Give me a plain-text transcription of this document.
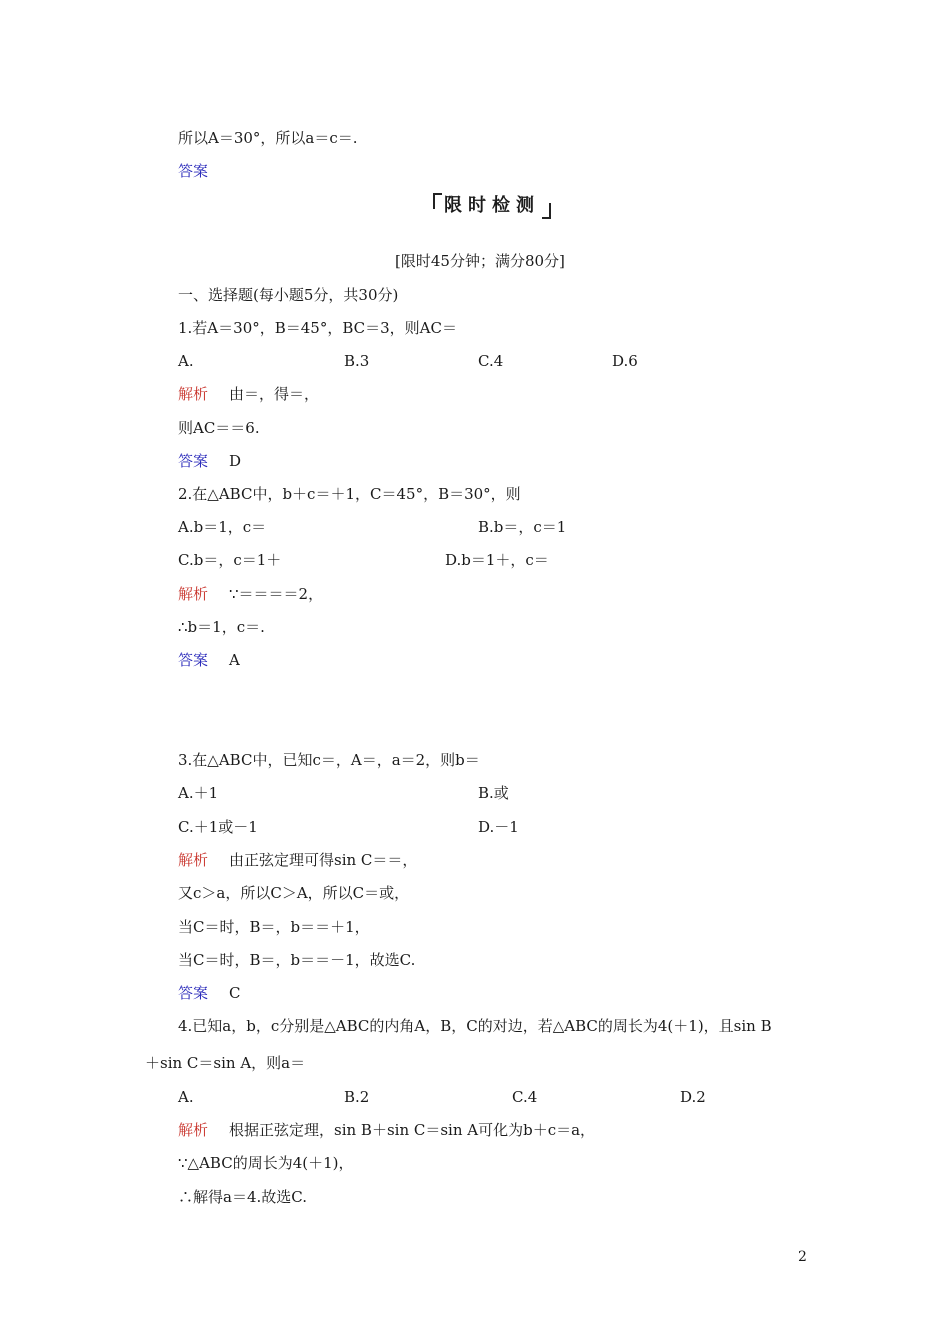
所以A＝30°，所以a＝c＝.
答案
[限时45分钟；满分80分]
一、选择题(每小题5分，共30分)
1.若A＝30°，B＝45°，BC＝3，则AC＝
A.	B.3	C.4	D.6
解析 由＝，得＝，
则AC＝＝6.
答案 D
2.在△ABC中，b＋c＝＋1，C＝45°，B＝30°，则
A.b＝1，c＝	B.b＝，c＝1
C.b＝，c＝1＋	D.b＝1＋，c＝
解析 ∵＝＝＝＝2，
∴b＝1，c＝.
答案 A
3.在△ABC中，已知c＝，A＝，a＝2，则b＝
A.＋1	B.或
C.＋1或－1	D.－1
解析 由正弦定理可得sin C＝＝，
又c＞a，所以C＞A，所以C＝或，
当C＝时，B＝，b＝＝＋1，
当C＝时，B＝，b＝＝－1，故选C.
答案 C
4.已知a，b，c分别是△ABC的内角A，B，C的对边，若△ABC的周长为4(＋1)，且sin B
＋sin C＝sin A，则a＝
A.	B.2	C.4	D.2
解析 根据正弦定理，sin B＋sin C＝sin A可化为b＋c＝a，
∵△ABC的周长为4(＋1)，
∴解得a＝4.故选C.
限时检测
2
